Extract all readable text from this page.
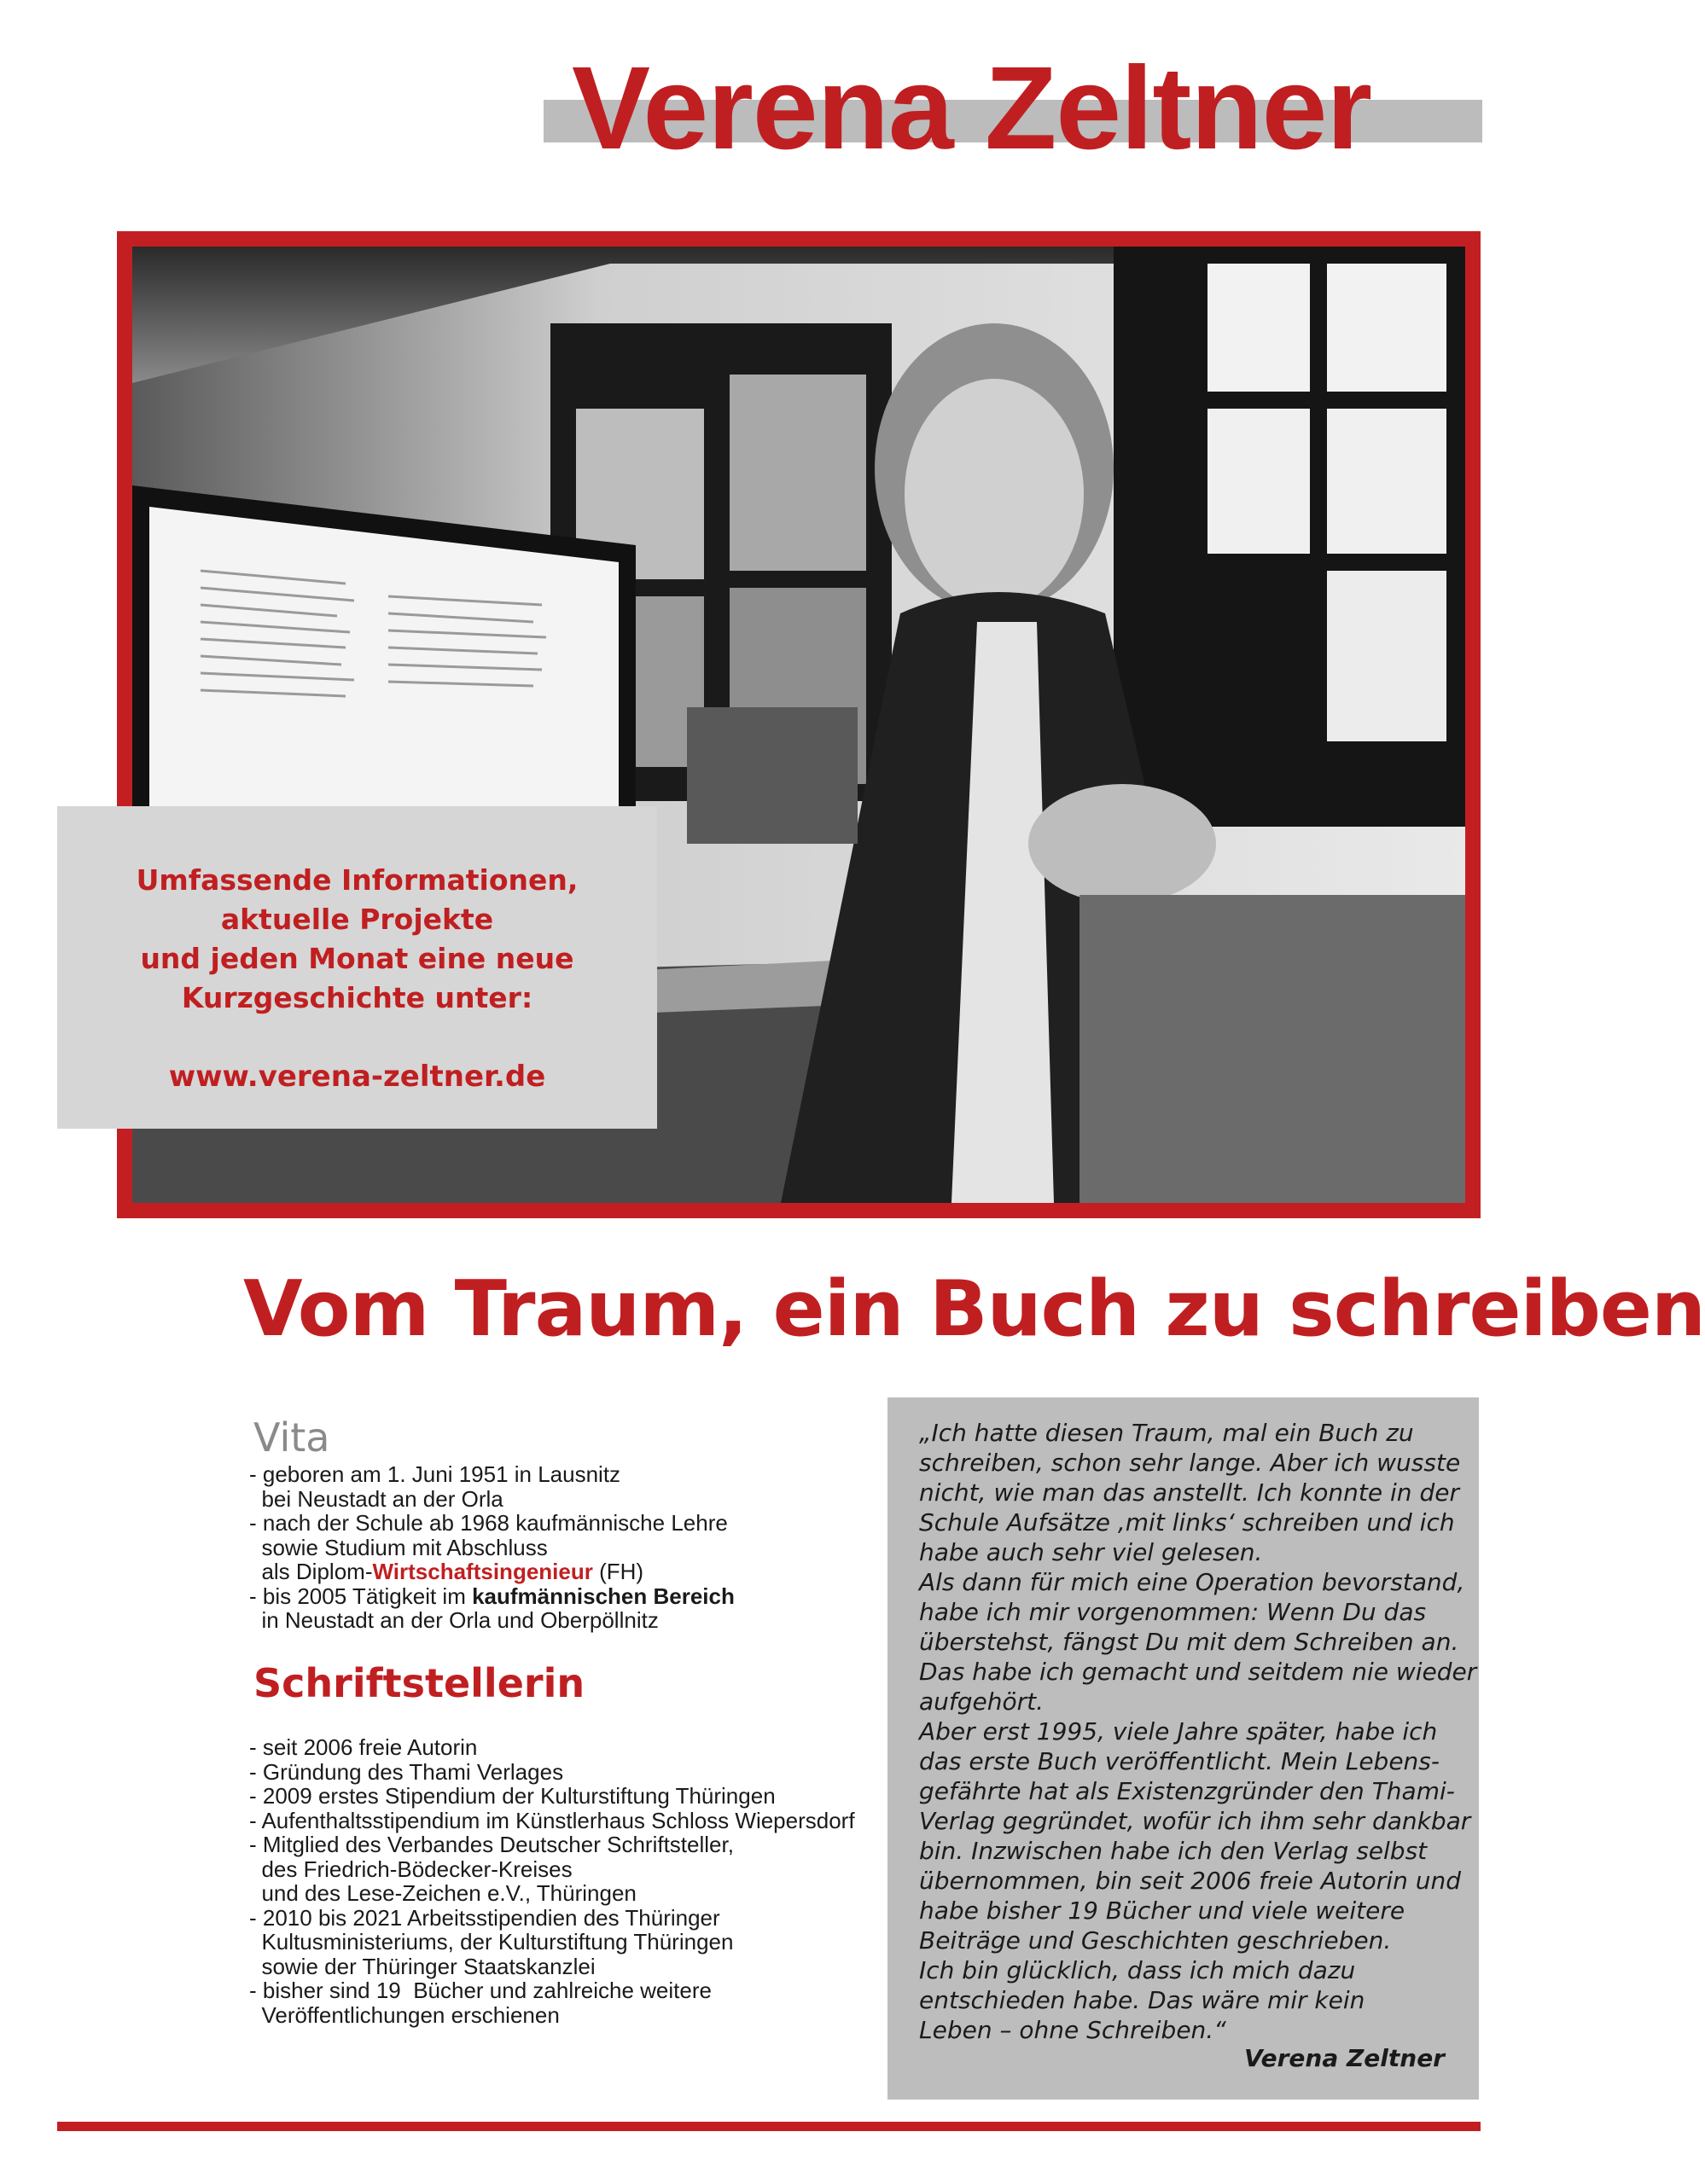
Verena Zeltner
Umfassende Informationen,
aktuelle Projekte
und jeden Monat eine neue
Kurzgeschichte unter:
www.verena-zeltner.de
Vom Traum, ein Buch zu schreiben
Vita
- geboren am 1. Juni 1951 in Lausnitz
bei Neustadt an der Orla
- nach der Schule ab 1968 kaufmännische Lehre
sowie Studium mit Abschluss
als Diplom-Wirtschaftsingenieur (FH)
- bis 2005 Tätigkeit im kaufmännischen Bereich
in Neustadt an der Orla und Oberpöllnitz
Schriftstellerin
- seit 2006 freie Autorin
- Gründung des Thami Verlages
- 2009 erstes Stipendium der Kulturstiftung Thüringen
- Aufenthaltsstipendium im Künstlerhaus Schloss Wiepersdorf
- Mitglied des Verbandes Deutscher Schriftsteller,
des Friedrich-Bödecker-Kreises
und des Lese-Zeichen e.V., Thüringen
- 2010 bis 2021 Arbeitsstipendien des Thüringer
Kultusministeriums, der Kulturstiftung Thüringen
sowie der Thüringer Staatskanzlei
- bisher sind 19  Bücher und zahlreiche weitere
Veröffentlichungen erschienen

„Ich hatte diesen Traum, mal ein Buch zu

schreiben, schon sehr lange. Aber ich wusste

nicht, wie man das anstellt. Ich konnte in der

Schule Aufsätze ‚mit links‘ schreiben und ich

habe auch sehr viel gelesen.

Als dann für mich eine Operation bevorstand,

habe ich mir vorgenommen: Wenn Du das

überstehst, fängst Du mit dem Schreiben an.

Das habe ich gemacht und seitdem nie wieder

aufgehört.

Aber erst 1995, viele Jahre später, habe ich

das erste Buch veröffentlicht. Mein Lebens-

gefährte hat als Existenzgründer den Thami-

Verlag gegründet, wofür ich ihm sehr dankbar

bin. Inzwischen habe ich den Verlag selbst

übernommen, bin seit 2006 freie Autorin und

habe bisher 19 Bücher und viele weitere

Beiträge und Geschichten geschrieben.

Ich bin glücklich, dass ich mich dazu

entschieden habe. Das wäre mir kein

Leben – ohne Schreiben.“

Verena Zeltner
